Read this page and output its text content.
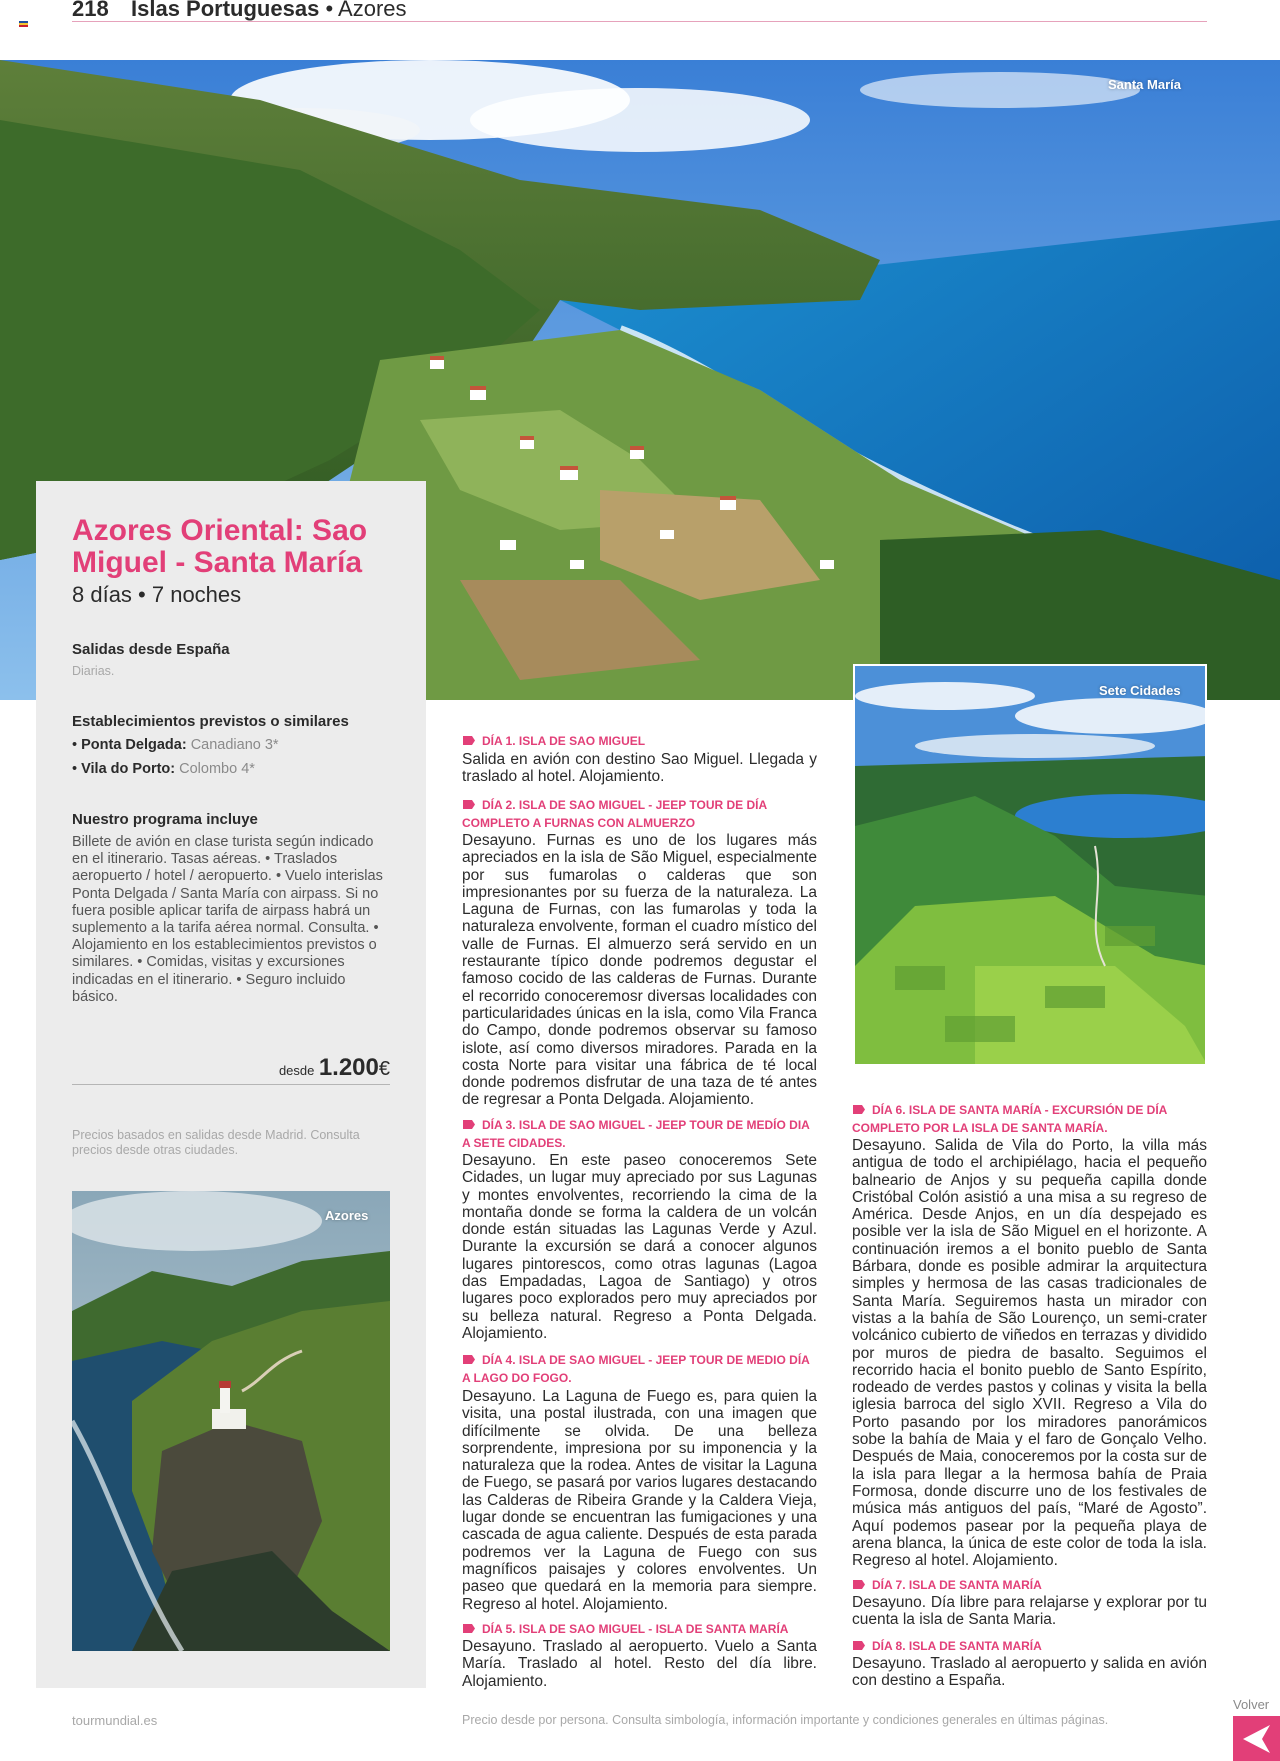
218 Islas Portuguesas • Azores
Santa María
Azores Oriental: Sao Miguel - Santa María
8 días • 7 noches
Salidas desde España
Diarias.
Establecimientos previstos o similares
• Ponta Delgada: Canadiano 3*
• Vila do Porto: Colombo 4*
Nuestro programa incluye
Billete de avión en clase turista según indicado en el itinerario. Tasas aéreas. • Traslados aeropuerto / hotel / aeropuerto. • Vuelo interislas Ponta Delgada / Santa María con airpass. Si no fuera posible aplicar tarifa de airpass habrá un suplemento a la tarifa aérea normal. Consulta. • Alojamiento en los establecimientos previstos o similares. • Comidas, visitas y excursiones indicadas en el itinerario. • Seguro incluido básico.
desde 1.200€
Precios basados en salidas desde Madrid. Consulta precios desde otras ciudades.
Azores
Sete Cidades
DÍA 1. ISLA DE SAO MIGUEL
Salida en avión con destino Sao Miguel. Llegada y traslado al hotel. Alojamiento.
DÍA 2. ISLA DE SAO MIGUEL - JEEP TOUR DE DÍA COMPLETO A FURNAS CON ALMUERZO
Desayuno. Furnas es uno de los lugares más apreciados en la isla de São Miguel, especialmente por sus fumarolas o calderas que son impresionantes por su fuerza de la naturaleza. La Laguna de Furnas, con las fumarolas y toda la naturaleza envolvente, forman el cuadro místico del valle de Furnas. El almuerzo será servido en un restaurante típico donde podremos degustar el famoso cocido de las calderas de Furnas. Durante el recorrido conoceremosr diversas localidades con particularidades únicas en la isla, como Vila Franca do Campo, donde podremos observar su famoso islote, así como diversos miradores. Parada en la costa Norte para visitar una fábrica de té local donde podremos disfrutar de una taza de té antes de regresar a Ponta Delgada. Alojamiento.
DÍA 3. ISLA DE SAO MIGUEL - JEEP TOUR DE MEDÍO DIA A SETE CIDADES.
Desayuno. En este paseo conoceremos Sete Cidades, un lugar muy apreciado por sus Lagunas y montes envolventes, recorriendo la cima de la montaña donde se forma la caldera de un volcán donde están situadas las Lagunas Verde y Azul. Durante la excursión se dará a conocer algunos lugares pintorescos, como otras lagunas (Lagoa das Empadadas, Lagoa de Santiago) y otros lugares poco explorados pero muy apreciados por su belleza natural. Regreso a Ponta Delgada. Alojamiento.
DÍA 4. ISLA DE SAO MIGUEL - JEEP TOUR DE MEDIO DÍA A LAGO DO FOGO.
Desayuno. La Laguna de Fuego es, para quien la visita, una postal ilustrada, con una imagen que difícilmente se olvida. De una belleza sorprendente, impresiona por su imponencia y la naturaleza que la rodea. Antes de visitar la Laguna de Fuego, se pasará por varios lugares destacando las Calderas de Ribeira Grande y la Caldera Vieja, lugar donde se encuentran las fumigaciones y una cascada de agua caliente. Después de esta parada podremos ver la Laguna de Fuego con sus magníficos paisajes y colores envolventes. Un paseo que quedará en la memoria para siempre. Regreso al hotel. Alojamiento.
DÍA 5. ISLA DE SAO MIGUEL - ISLA DE SANTA MARÍA
Desayuno. Traslado al aeropuerto. Vuelo a Santa María. Traslado al hotel. Resto del día libre. Alojamiento.
DÍA 6. ISLA DE SANTA MARÍA - EXCURSIÓN DE DÍA COMPLETO POR LA ISLA DE SANTA MARÍA.
Desayuno. Salida de Vila do Porto, la villa más antigua de todo el archipiélago, hacia el pequeño balneario de Anjos y su pequeña capilla donde Cristóbal Colón asistió a una misa a su regreso de América. Desde Anjos, en un día despejado es posible ver la isla de São Miguel en el horizonte. A continuación iremos a el bonito pueblo de Santa Bárbara, donde es posible admirar la arquitectura simples y hermosa de las casas tradicionales de Santa María. Seguiremos hasta un mirador con vistas a la bahía de São Lourenço, un semi-crater volcánico cubierto de viñedos en terrazas y dividido por muros de piedra de basalto. Seguimos el recorrido hacia el bonito pueblo de Santo Espírito, rodeado de verdes pastos y colinas y visita la bella iglesia barroca del siglo XVII. Regreso a Vila do Porto pasando por los miradores panorámicos sobe la bahía de Maia y el faro de Gonçalo Velho. Después de Maia, conoceremos por la costa sur de la isla para llegar a la hermosa bahía de Praia Formosa, donde discurre uno de los festivales de música más antiguos del país, “Maré de Agosto”. Aquí podemos pasear por la pequeña playa de arena blanca, la única de este color de toda la isla. Regreso al hotel. Alojamiento.
DÍA 7. ISLA DE SANTA MARÍA
Desayuno. Día libre para relajarse y explorar por tu cuenta la isla de Santa Maria.
DÍA 8. ISLA DE SANTA MARÍA
Desayuno. Traslado al aeropuerto y salida en avión con destino a España.
tourmundial.es	Precio desde por persona. Consulta simbología, información importante y condiciones generales en últimas páginas.
Volver
